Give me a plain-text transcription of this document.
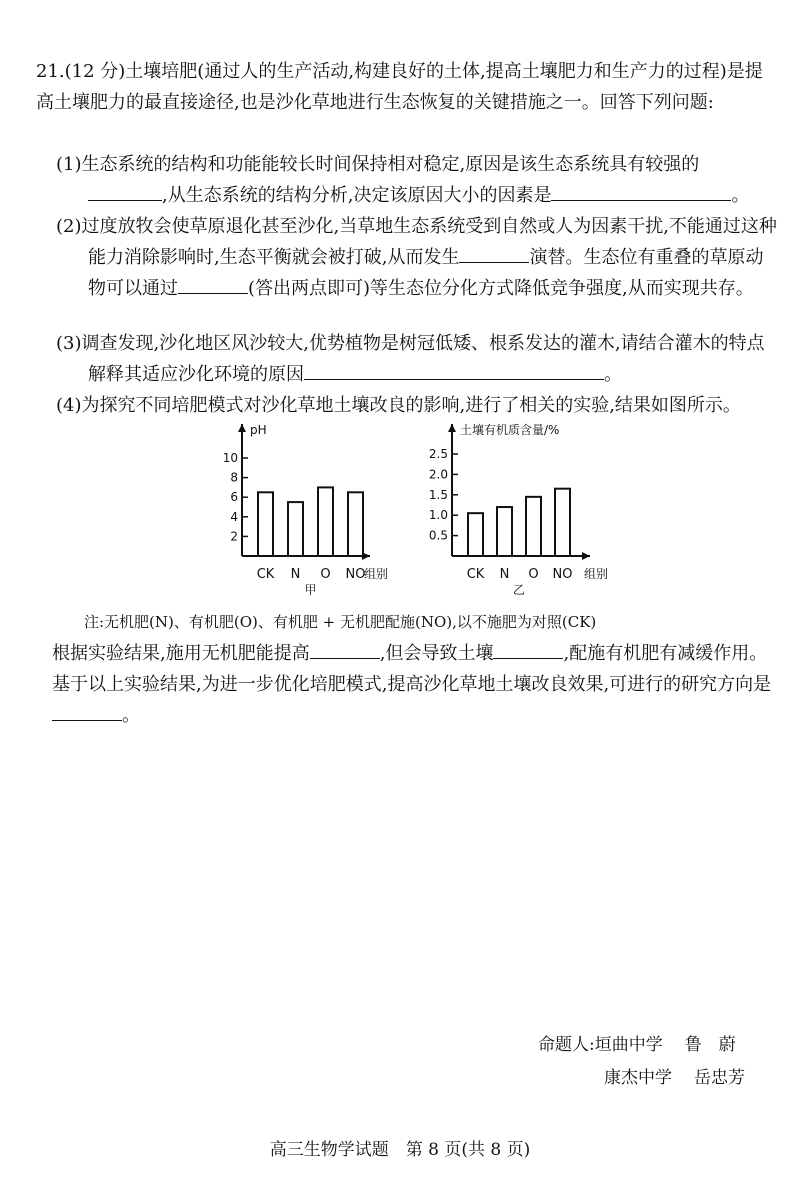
21.(12 分)土壤培肥(通过人的生产活动,构建良好的土体,提高土壤肥力和生产力的过程)是提高土壤肥力的最直接途径,也是沙化草地进行生态恢复的关键措施之一。回答下列问题:
(1)生态系统的结构和功能能较长时间保持相对稳定,原因是该生态系统具有较强的
,从生态系统的结构分析,决定该原因大小的因素是	。
(2)过度放牧会使草原退化甚至沙化,当草地生态系统受到自然或人为因素干扰,不能通过这种能力消除影响时,生态平衡就会被打破,从而发生	演替。生态位有重叠的草原动物可以通过	(答出两点即可)等生态位分化方式降低竞争强度,从而实现共存。
(3)调查发现,沙化地区风沙较大,优势植物是树冠低矮、根系发达的灌木,请结合灌木的特点解释其适应沙化环境的原因	。
(4)为探究不同培肥模式对沙化草地土壤改良的影响,进行了相关的实验,结果如图所示。
pH
2
4
6
8
10
CK N O NO
组别
甲
土壤有机质含量/%
0.5
1.0
1.5
2.0
2.5
CK N O NO 组别
乙
注:无机肥(N)、有机肥(O)、有机肥 + 无机肥配施(NO),以不施肥为对照(CK)
根据实验结果,施用无机肥能提高	,但会导致土壤	,配施有机肥有减缓作用。基于以上实验结果,为进一步优化培肥模式,提高沙化草地土壤改良效果,可进行的研究方向是。
命题人:垣曲中学 鲁　蔚
康杰中学 岳忠芳
高三生物学试题　第 8 页(共 8 页)
